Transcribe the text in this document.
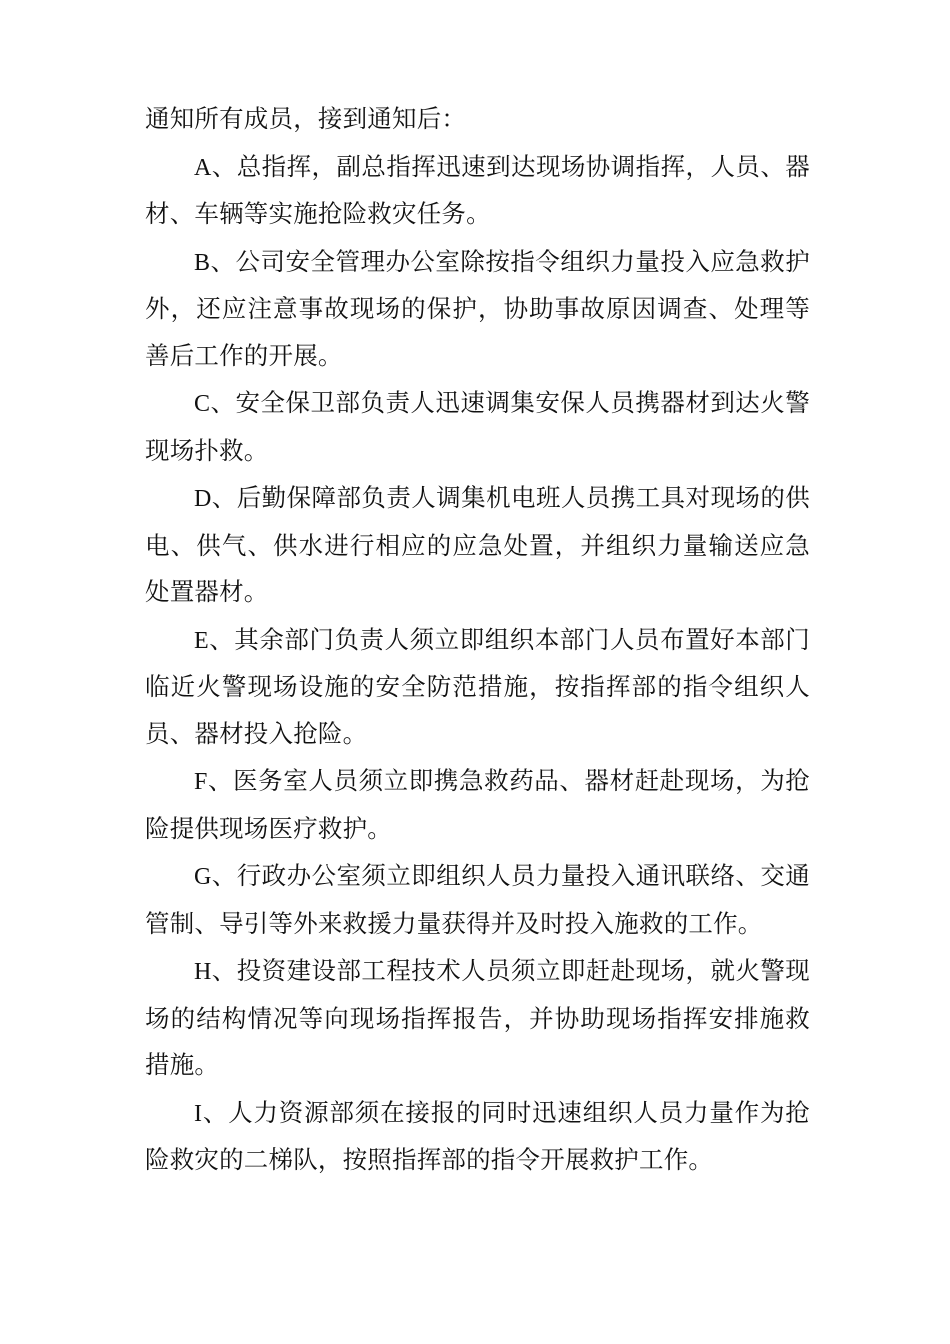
通知所有成员，接到通知后：

A、总指挥，副总指挥迅速到达现场协调指挥，人员、器材、车辆等实施抢险救灾任务。

B、公司安全管理办公室除按指令组织力量投入应急救护外，还应注意事故现场的保护，协助事故原因调查、处理等善后工作的开展。

C、安全保卫部负责人迅速调集安保人员携器材到达火警现场扑救。

D、后勤保障部负责人调集机电班人员携工具对现场的供电、供气、供水进行相应的应急处置，并组织力量输送应急处置器材。

E、其余部门负责人须立即组织本部门人员布置好本部门临近火警现场设施的安全防范措施，按指挥部的指令组织人员、器材投入抢险。

F、医务室人员须立即携急救药品、器材赶赴现场，为抢险提供现场医疗救护。

G、行政办公室须立即组织人员力量投入通讯联络、交通管制、导引等外来救援力量获得并及时投入施救的工作。

H、投资建设部工程技术人员须立即赶赴现场，就火警现场的结构情况等向现场指挥报告，并协助现场指挥安排施救措施。

I、人力资源部须在接报的同时迅速组织人员力量作为抢险救灾的二梯队，按照指挥部的指令开展救护工作。
